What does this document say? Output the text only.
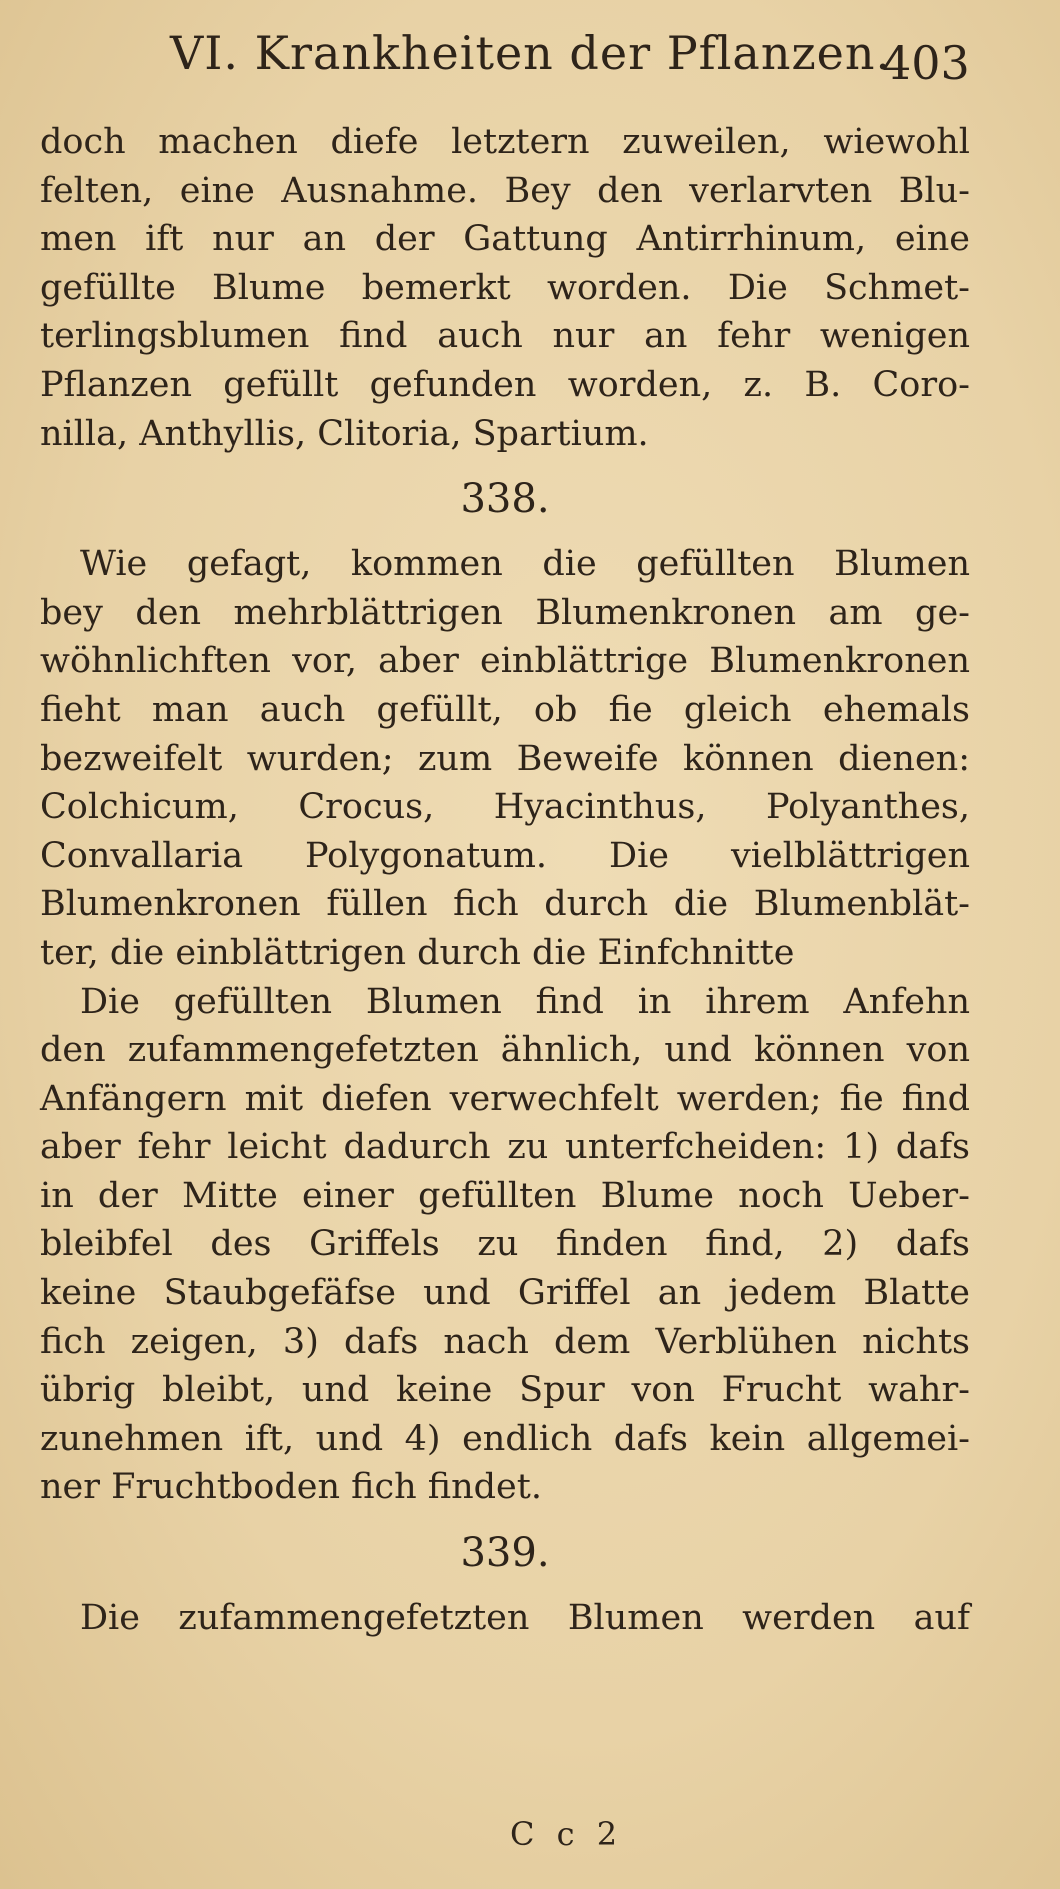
VI. Krankheiten der Pflanzen.
403
doch machen diefe letztern zuweilen, wiewohl
felten, eine Ausnahme. Bey den verlarvten Blu-
men ift nur an der Gattung Antirrhinum, eine
gefüllte Blume bemerkt worden. Die Schmet-
terlingsblumen find auch nur an fehr wenigen
Pflanzen gefüllt gefunden worden, z. B. Coro-
nilla, Anthyllis, Clitoria, Spartium.
338.
Wie gefagt, kommen die gefüllten Blumen
bey den mehrblättrigen Blumenkronen am ge-
wöhnlichften vor, aber einblättrige Blumenkronen
fieht man auch gefüllt, ob fie gleich ehemals
bezweifelt wurden; zum Beweife können dienen:
Colchicum, Crocus, Hyacinthus, Polyanthes,
Convallaria Polygonatum. Die vielblättrigen
Blumenkronen füllen fich durch die Blumenblät-
ter, die einblättrigen durch die Einfchnitte
Die gefüllten Blumen find in ihrem Anfehn
den zufammengefetzten ähnlich, und können von
Anfängern mit diefen verwechfelt werden; fie find
aber fehr leicht dadurch zu unterfcheiden: 1) dafs
in der Mitte einer gefüllten Blume noch Ueber-
bleibfel des Griffels zu finden find, 2) dafs
keine Staubgefäfse und Griffel an jedem Blatte
fich zeigen, 3) dafs nach dem Verblühen nichts
übrig bleibt, und keine Spur von Frucht wahr-
zunehmen ift, und 4) endlich dafs kein allgemei-
ner Fruchtboden fich findet.
339.
Die zufammengefetzten Blumen werden auf
C c 2
